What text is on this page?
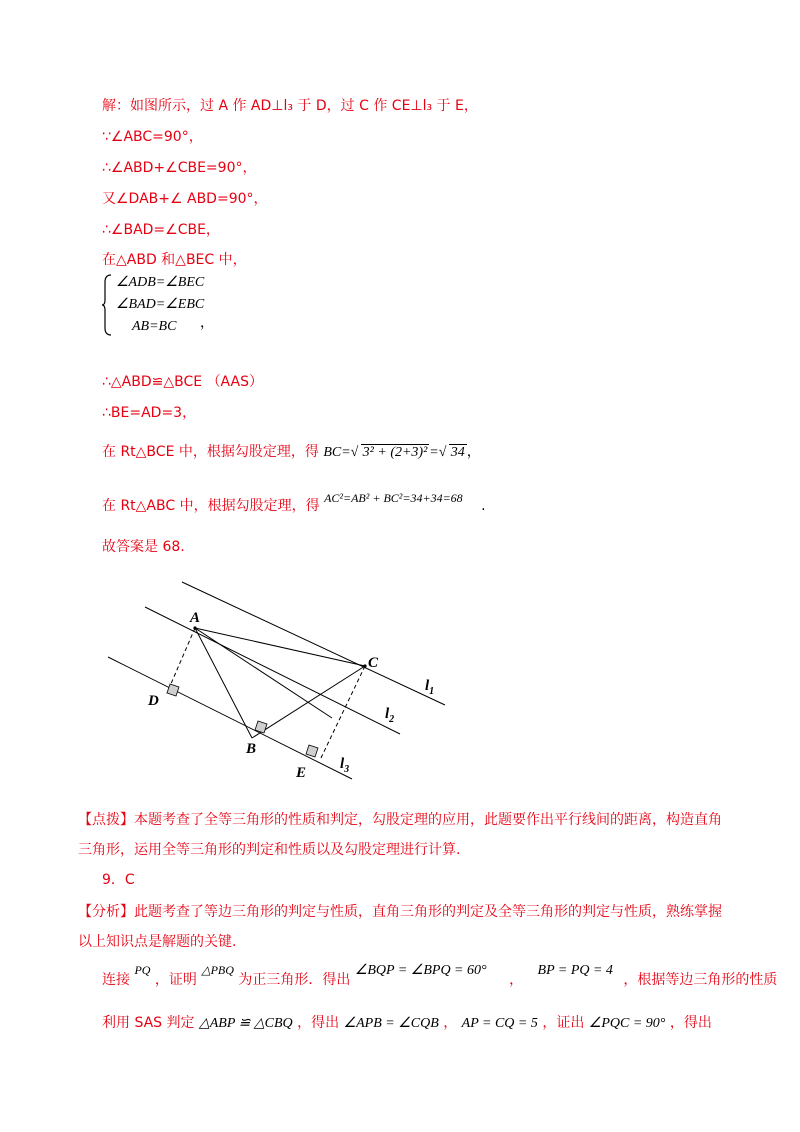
解：如图所示，过 A 作 AD⊥l₃ 于 D，过 C 作 CE⊥l₃ 于 E，
∵∠ABC=90°，
∴∠ABD+∠CBE=90°，
又∠DAB+∠ ABD=90°，
∴∠BAD=∠CBE，
在△ABD 和△BEC 中，
∠ADB=∠BEC
∠BAD=∠EBC
AB=BC	，
∴△ABD≌△BCE （AAS）
∴BE=AD=3，
在 Rt△BCE 中，根据勾股定理，得 BC= √ 3² + (2+3)² = √ 34 ，
在 Rt△ABC 中，根据勾股定理，得 AC²=AB² + BC²=34+34=68 .
故答案是 68.
A
C
D
B
E
$l_1$
$l_2$
$l_3$
【点拨】本题考查了全等三角形的性质和判定，勾股定理的应用，此题要作出平行线间的距离，构造直角三角形，运用全等三角形的判定和性质以及勾股定理进行计算.
9．C
【分析】此题考查了等边三角形的判定与性质，直角三角形的判定及全等三角形的判定与性质，熟练掌握以上知识点是解题的关键.
连接 PQ ，证明 △PBQ 为正三角形．得出 ∠BQP = ∠BPQ = 60° ， BP = PQ = 4 ，根据等边三角形的性质
利用 SAS 判定 △ABP ≌ △CBQ ，得出 ∠APB = ∠CQB ， AP = CQ = 5 ，证出 ∠PQC = 90° ，得出
